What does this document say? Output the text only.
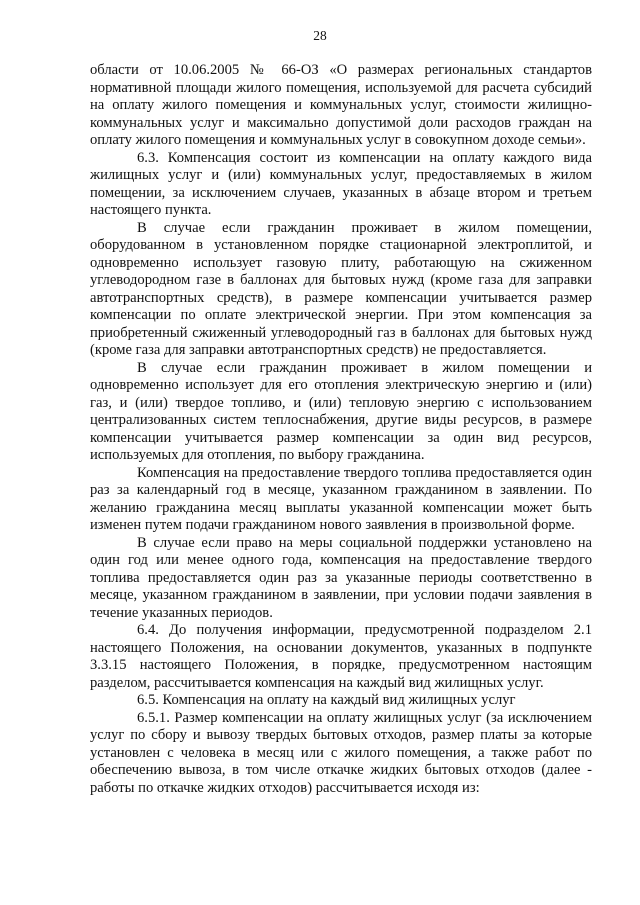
28

области от 10.06.2005 № 66-ОЗ «О размерах региональных стандартов нормативной площади жилого помещения, используемой для расчета субсидий на оплату жилого помещения и коммунальных услуг, стоимости жилищно-коммунальных услуг и максимально допустимой доли расходов граждан на оплату жилого помещения и коммунальных услуг в совокупном доходе семьи».

6.3. Компенсация состоит из компенсации на оплату каждого вида жилищных услуг и (или) коммунальных услуг, предоставляемых в жилом помещении, за исключением случаев, указанных в абзаце втором и третьем настоящего пункта.

В случае если гражданин проживает в жилом помещении, оборудованном в установленном порядке стационарной электроплитой, и одновременно использует газовую плиту, работающую на сжиженном углеводородном газе в баллонах для бытовых нужд (кроме газа для заправки автотранспортных средств), в размере компенсации учитывается размер компенсации по оплате электрической энергии. При этом компенсация за приобретенный сжиженный углеводородный газ в баллонах для бытовых нужд (кроме газа для заправки автотранспортных средств) не предоставляется.

В случае если гражданин проживает в жилом помещении и одновременно использует для его отопления электрическую энергию и (или) газ, и (или) твердое топливо, и (или) тепловую энергию с использованием централизованных систем теплоснабжения, другие виды ресурсов, в размере компенсации учитывается размер компенсации за один вид ресурсов, используемых для отопления, по выбору гражданина.

Компенсация на предоставление твердого топлива предоставляется один раз за календарный год в месяце, указанном гражданином в заявлении. По желанию гражданина месяц выплаты указанной компенсации может быть изменен путем подачи гражданином нового заявления в произвольной форме.

В случае если право на меры социальной поддержки установлено на один год или менее одного года, компенсация на предоставление твердого топлива предоставляется один раз за указанные периоды соответственно в месяце, указанном гражданином в заявлении, при условии подачи заявления в течение указанных периодов.

6.4. До получения информации, предусмотренной подразделом 2.1 настоящего Положения, на основании документов, указанных в подпункте 3.3.15 настоящего Положения, в порядке, предусмотренном настоящим разделом, рассчитывается компенсация на каждый вид жилищных услуг.

6.5. Компенсация на оплату на каждый вид жилищных услуг

6.5.1. Размер компенсации на оплату жилищных услуг (за исключением услуг по сбору и вывозу твердых бытовых отходов, размер платы за которые установлен с человека в месяц или с жилого помещения, а также работ по обеспечению вывоза, в том числе откачке жидких бытовых отходов (далее - работы по откачке жидких отходов) рассчитывается исходя из:
